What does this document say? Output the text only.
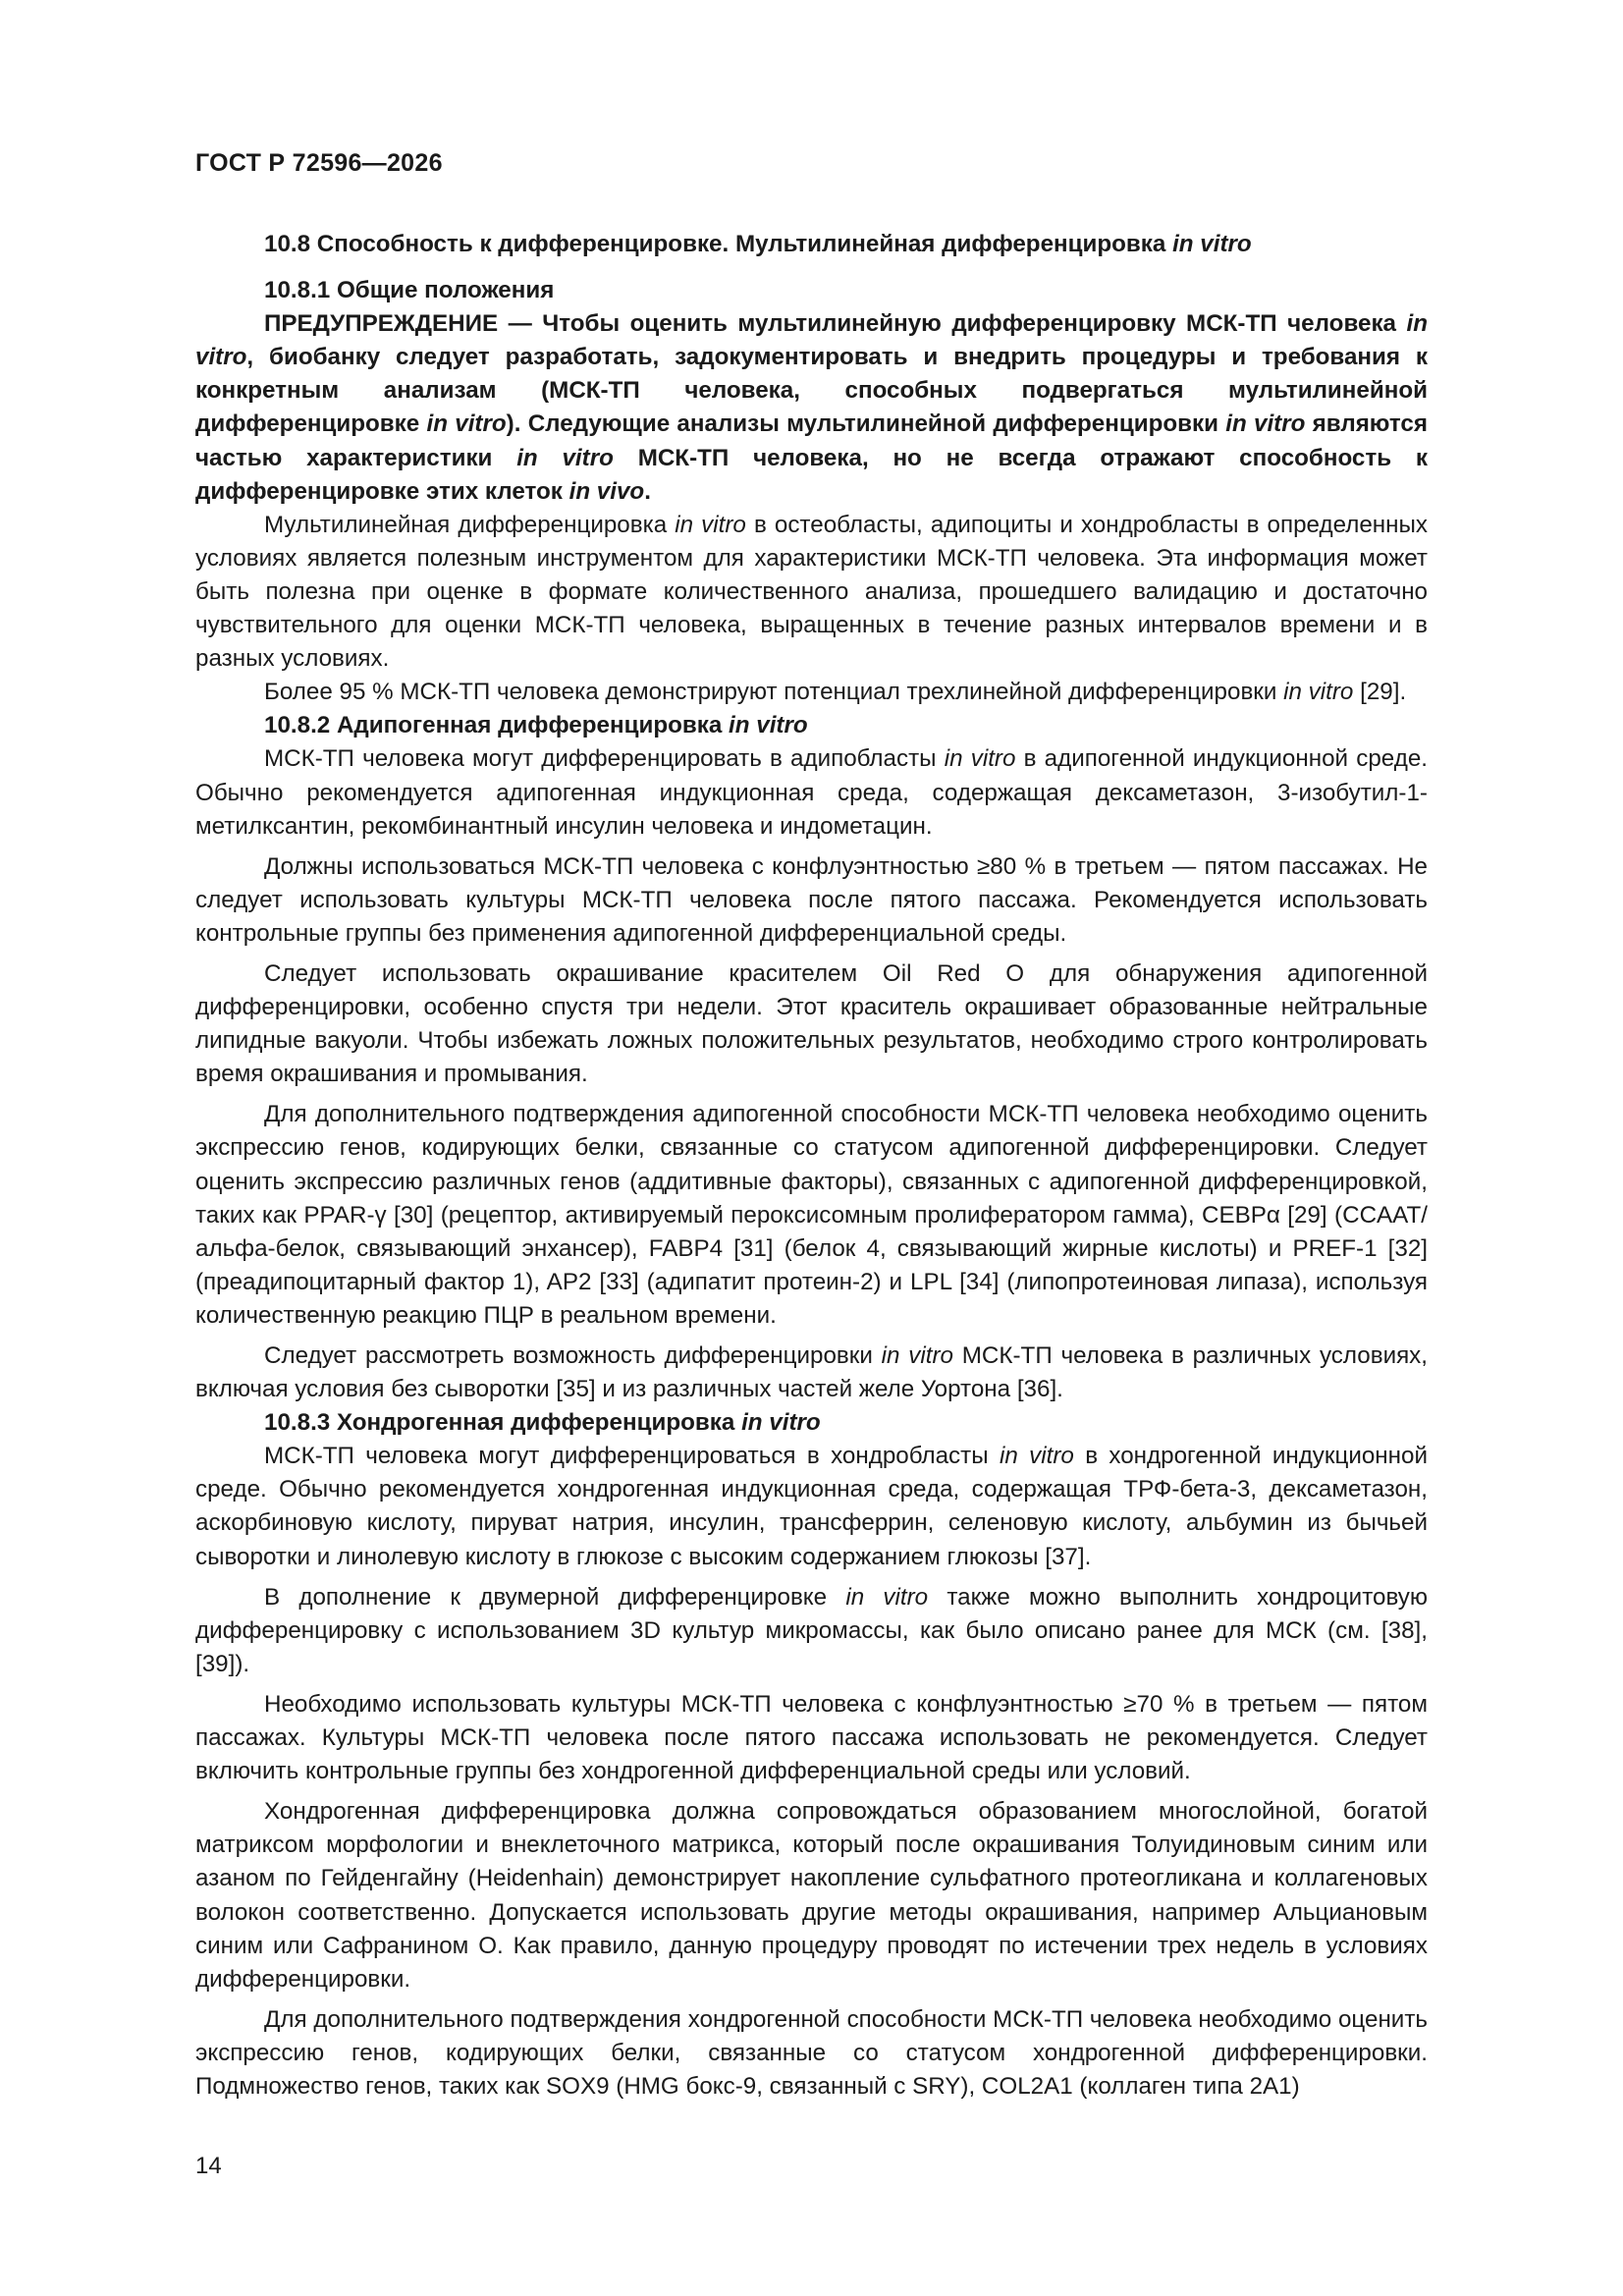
ГОСТ Р 72596—2026

10.8 Способность к дифференцировке. Мультилинейная дифференцировка in vitro

10.8.1 Общие положения

ПРЕДУПРЕЖДЕНИЕ — Чтобы оценить мультилинейную дифференцировку МСК-ТП человека in vitro, биобанку следует разработать, задокументировать и внедрить процедуры и требования к конкретным анализам (МСК-ТП человека, способных подвергаться мультилинейной дифференцировке in vitro). Следующие анализы мультилинейной дифференцировки in vitro являются частью характеристики in vitro МСК-ТП человека, но не всегда отражают способность к дифференцировке этих клеток in vivo.

Мультилинейная дифференцировка in vitro в остеобласты, адипоциты и хондробласты в определенных условиях является полезным инструментом для характеристики МСК-ТП человека. Эта информация может быть полезна при оценке в формате количественного анализа, прошедшего валидацию и достаточно чувствительного для оценки МСК-ТП человека, выращенных в течение разных интервалов времени и в разных условиях.

Более 95 % МСК-ТП человека демонстрируют потенциал трехлинейной дифференцировки in vitro [29].

10.8.2 Адипогенная дифференцировка in vitro

МСК-ТП человека могут дифференцировать в адипобласты in vitro в адипогенной индукционной среде. Обычно рекомендуется адипогенная индукционная среда, содержащая дексаметазон, 3-изобутил-1-метилксантин, рекомбинантный инсулин человека и индометацин.

Должны использоваться МСК-ТП человека с конфлуэнтностью ≥80 % в третьем — пятом пассажах. Не следует использовать культуры МСК-ТП человека после пятого пассажа. Рекомендуется использовать контрольные группы без применения адипогенной дифференциальной среды.

Следует использовать окрашивание красителем Oil Red O для обнаружения адипогенной дифференцировки, особенно спустя три недели. Этот краситель окрашивает образованные нейтральные липидные вакуоли. Чтобы избежать ложных положительных результатов, необходимо строго контролировать время окрашивания и промывания.

Для дополнительного подтверждения адипогенной способности МСК-ТП человека необходимо оценить экспрессию генов, кодирующих белки, связанные со статусом адипогенной дифференцировки. Следует оценить экспрессию различных генов (аддитивные факторы), связанных с адипогенной дифференцировкой, таких как PPAR-γ [30] (рецептор, активируемый пероксисомным пролифератором гамма), CEBPα [29] (CCAAT/альфа-белок, связывающий энхансер), FABP4 [31] (белок 4, связывающий жирные кислоты) и PREF-1 [32] (преадипоцитарный фактор 1), AP2 [33] (адипатит протеин-2) и LPL [34] (липопротеиновая липаза), используя количественную реакцию ПЦР в реальном времени.

Следует рассмотреть возможность дифференцировки in vitro МСК-ТП человека в различных условиях, включая условия без сыворотки [35] и из различных частей желе Уортона [36].

10.8.3 Хондрогенная дифференцировка in vitro

МСК-ТП человека могут дифференцироваться в хондробласты in vitro в хондрогенной индукционной среде. Обычно рекомендуется хондрогенная индукционная среда, содержащая ТРФ-бета-3, дексаметазон, аскорбиновую кислоту, пируват натрия, инсулин, трансферрин, селеновую кислоту, альбумин из бычьей сыворотки и линолевую кислоту в глюкозе с высоким содержанием глюкозы [37].

В дополнение к двумерной дифференцировке in vitro также можно выполнить хондроцитовую дифференцировку с использованием 3D культур микромассы, как было описано ранее для МСК (см. [38], [39]).

Необходимо использовать культуры МСК-ТП человека с конфлуэнтностью ≥70 % в третьем — пятом пассажах. Культуры МСК-ТП человека после пятого пассажа использовать не рекомендуется. Следует включить контрольные группы без хондрогенной дифференциальной среды или условий.

Хондрогенная дифференцировка должна сопровождаться образованием многослойной, богатой матриксом морфологии и внеклеточного матрикса, который после окрашивания Толуидиновым синим или азаном по Гейденгайну (Heidenhain) демонстрирует накопление сульфатного протеогликана и коллагеновых волокон соответственно. Допускается использовать другие методы окрашивания, например Альциановым синим или Сафранином О. Как правило, данную процедуру проводят по истечении трех недель в условиях дифференцировки.

Для дополнительного подтверждения хондрогенной способности МСК-ТП человека необходимо оценить экспрессию генов, кодирующих белки, связанные со статусом хондрогенной дифференцировки. Подмножество генов, таких как SOX9 (HMG бокс-9, связанный с SRY), COL2A1 (коллаген типа 2A1)

14
